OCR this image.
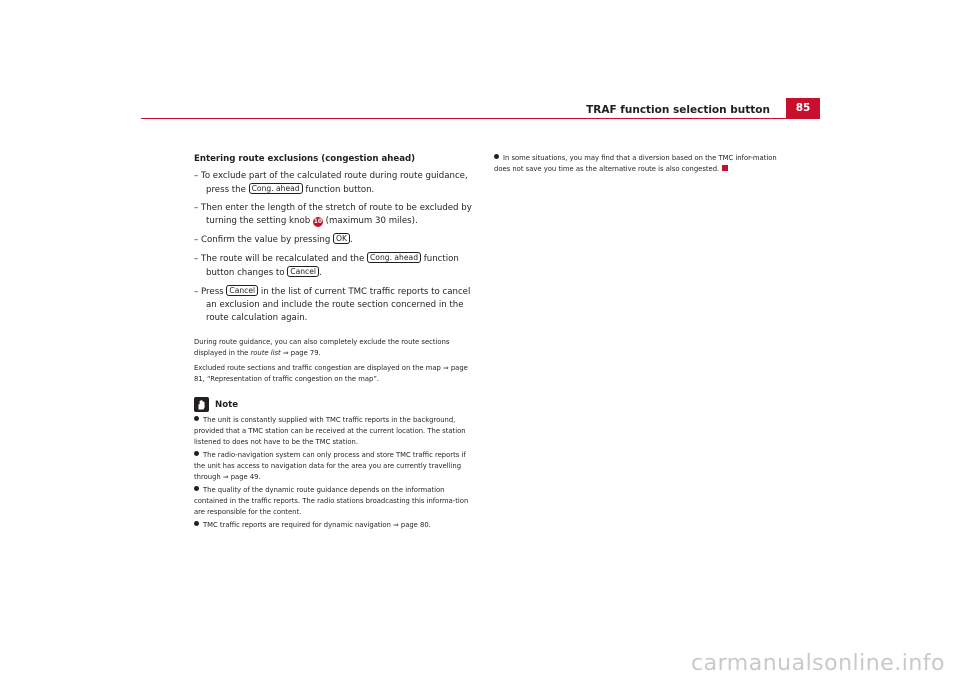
TRAF function selection button	85
Entering route exclusions (congestion ahead)
– To exclude part of the calculated route during route guidance, press the Cong. ahead function button.
– Then enter the length of the stretch of route to be excluded by turning the setting knob 10 (maximum 30 miles).
– Confirm the value by pressing OK .
– The route will be recalculated and the Cong. ahead function button changes to Cancel .
– Press Cancel in the list of current TMC traffic reports to cancel an exclusion and include the route section concerned in the route calculation again.

During route guidance, you can also completely exclude the route sections displayed in the route list ⇒ page 79.

Excluded route sections and traffic congestion are displayed on the map ⇒ page 81, “Representation of traffic congestion on the map”.

Note

The unit is constantly supplied with TMC traffic reports in the background, provided that a TMC station can be received at the current location. The station listened to does not have to be the TMC station.

The radio-navigation system can only process and store TMC traffic reports if the unit has access to navigation data for the area you are currently travelling through ⇒ page 49.

The quality of the dynamic route guidance depends on the information contained in the traffic reports. The radio stations broadcasting this informa-tion are responsible for the content.

TMC traffic reports are required for dynamic navigation ⇒ page 80.

In some situations, you may find that a diversion based on the TMC infor-mation does not save you time as the alternative route is also congested.

carmanualsonline.info
